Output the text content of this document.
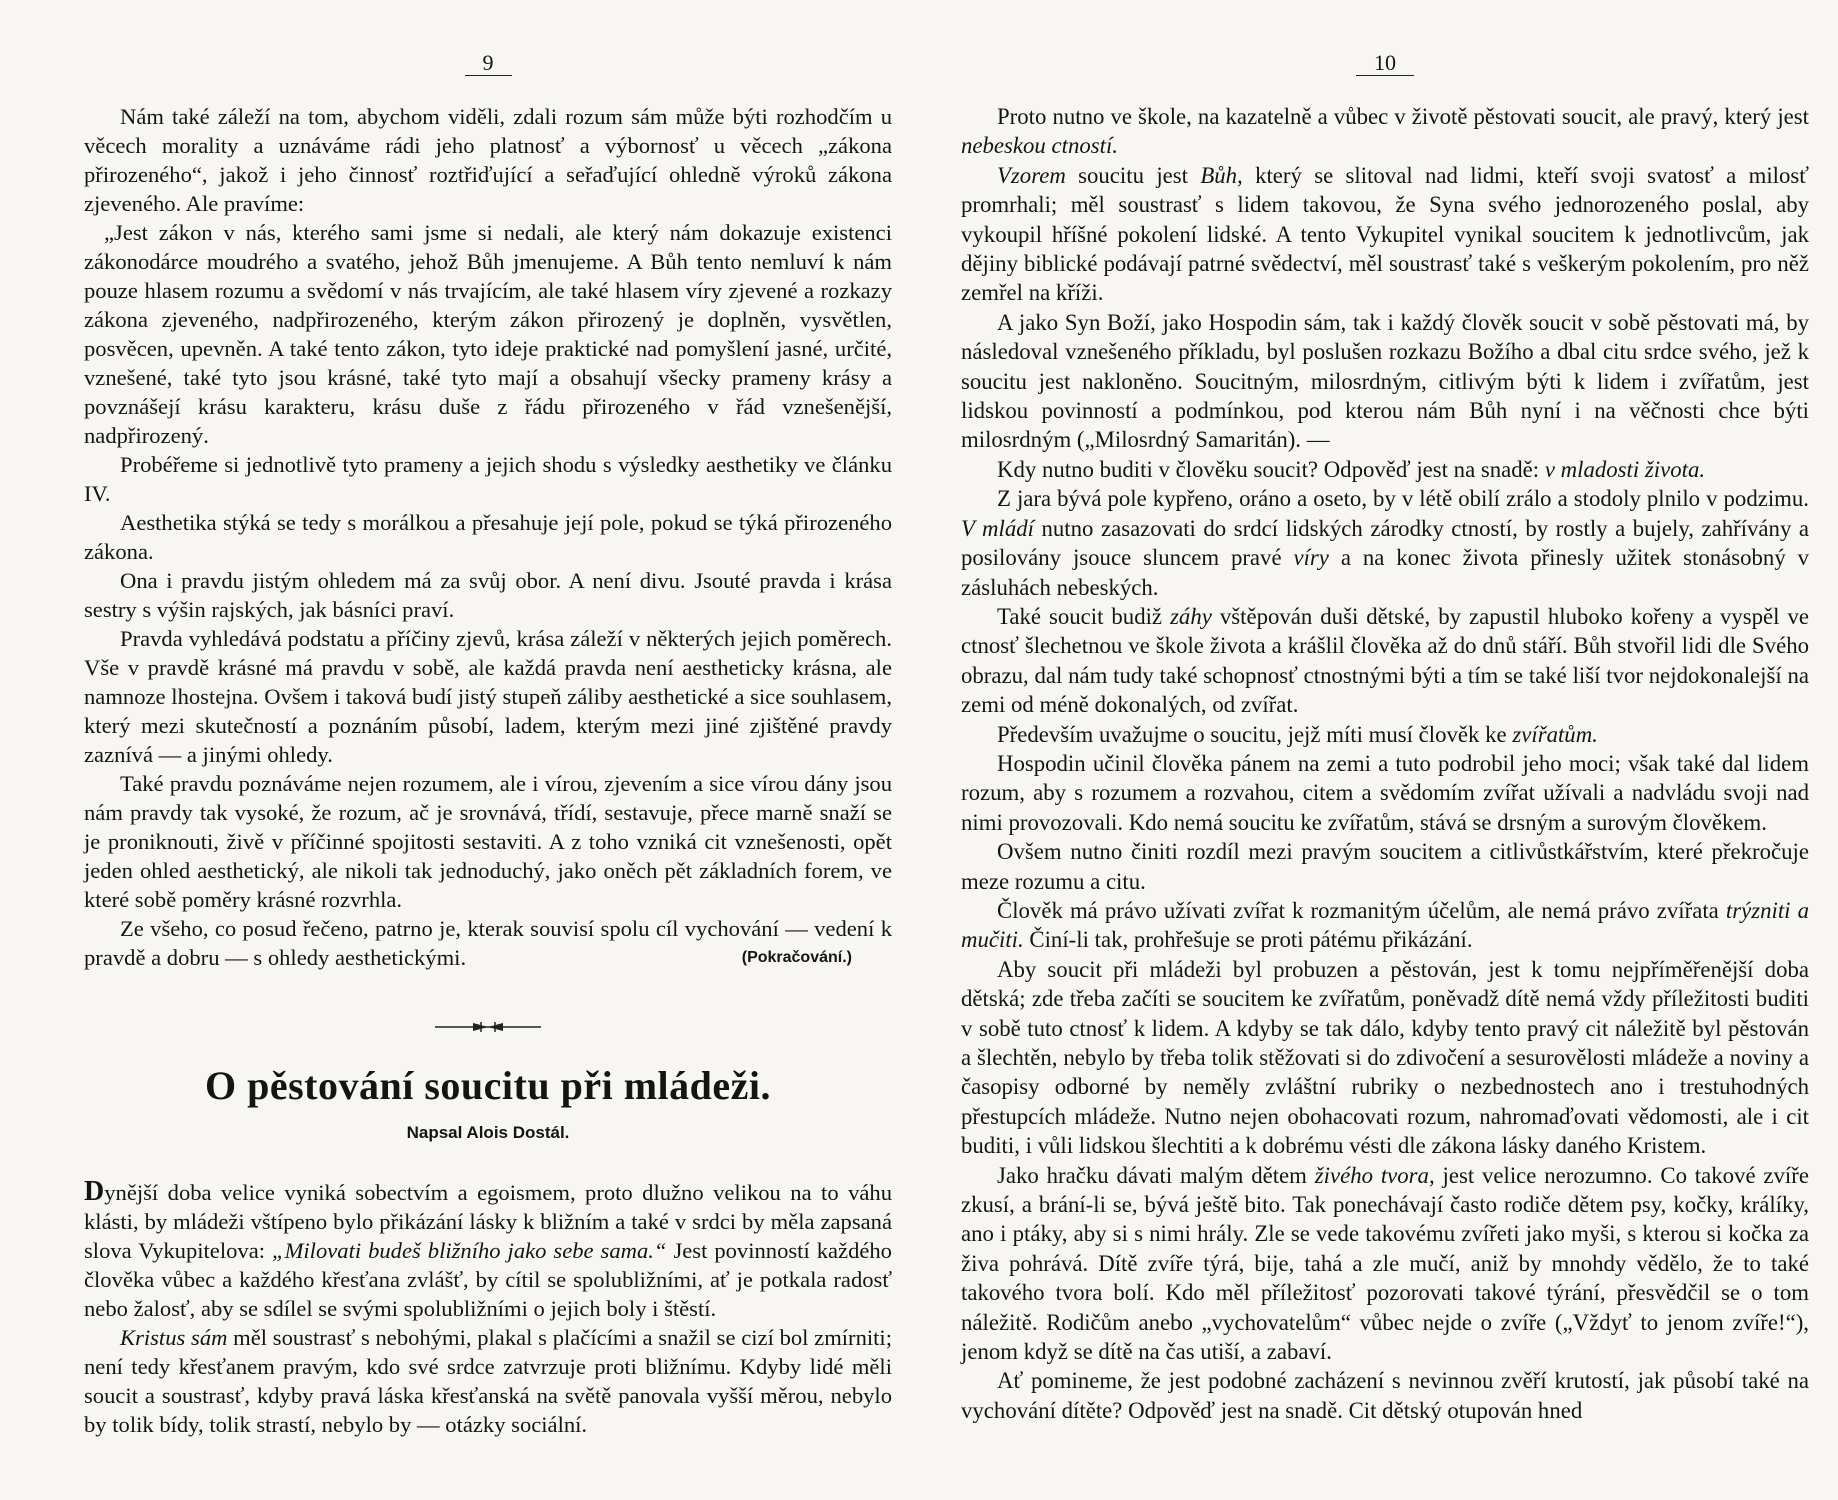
9

Nám také záleží na tom, abychom viděli, zdali rozum sám může býti rozhodčím u věcech morality a uznáváme rádi jeho platnosť a výbornosť u věcech „zákona přirozeného“, jakož i jeho činnosť roztřiďující a seřaďující ohledně výroků zákona zjeveného. Ale pravíme:

„Jest zákon v nás, kterého sami jsme si nedali, ale který nám dokazuje existenci zákonodárce moudrého a svatého, jehož Bůh jmenujeme. A Bůh tento nemluví k nám pouze hlasem rozumu a svědomí v nás trvajícím, ale také hlasem víry zjevené a rozkazy zákona zjeveného, nadpřirozeného, kterým zákon přirozený je doplněn, vysvětlen, posvěcen, upevněn. A také tento zákon, tyto ideje praktické nad pomyšlení jasné, určité, vznešené, také tyto jsou krásné, také tyto mají a obsahují všecky prameny krásy a povznášejí krásu karakteru, krásu duše z řádu přirozeného v řád vznešenější, nadpřirozený.

Probéřeme si jednotlivě tyto prameny a jejich shodu s výsledky aesthetiky ve článku IV.

Aesthetika stýká se tedy s morálkou a přesahuje její pole, pokud se týká přirozeného zákona.

Ona i pravdu jistým ohledem má za svůj obor. A není divu. Jsouté pravda i krása sestry s výšin rajských, jak básníci praví.

Pravda vyhledává podstatu a příčiny zjevů, krása záleží v některých jejich poměrech. Vše v pravdě krásné má pravdu v sobě, ale každá pravda není aestheticky krásna, ale namnoze lhostejna. Ovšem i taková budí jistý stupeň záliby aesthetické a sice souhlasem, který mezi skutečností a poznáním působí, ladem, kterým mezi jiné zjištěné pravdy zaznívá — a jinými ohledy.

Také pravdu poznáváme nejen rozumem, ale i vírou, zjevením a sice vírou dány jsou nám pravdy tak vysoké, že rozum, ač je srovnává, třídí, sestavuje, přece marně snaží se je proniknouti, živě v příčinné spojitosti sestaviti. A z toho vzniká cit vznešenosti, opět jeden ohled aesthetický, ale nikoli tak jednoduchý, jako oněch pět základních forem, ve které sobě poměry krásné rozvrhla.

Ze všeho, co posud řečeno, patrno je, kterak souvisí spolu cíl vychování — vedení k pravdě a dobru — s ohledy aesthetickými.	(Pokračování.)

O pěstování soucitu při mládeži.
Napsal Alois Dostál.

Dynější doba velice vyniká sobectvím a egoismem, proto dlužno velikou na to váhu klásti, by mládeži vštípeno bylo přikázání lásky k bližním a také v srdci by měla zapsaná slova Vykupitelova: „Milovati budeš bližního jako sebe sama.“ Jest povinností každého člověka vůbec a každého křesťana zvlášť, by cítil se spolubližními, ať je potkala radosť nebo žalosť, aby se sdílel se svými spolubližními o jejich boly i štěstí.

Kristus sám měl soustrasť s nebohými, plakal s plačícími a snažil se cizí bol zmírniti; není tedy křesťanem pravým, kdo své srdce zatvrzuje proti bližnímu. Kdyby lidé měli soucit a soustrasť, kdyby pravá láska křesťanská na světě panovala vyšší měrou, nebylo by tolik bídy, tolik strastí, nebylo by — otázky sociální.

10

Proto nutno ve škole, na kazatelně a vůbec v životě pěstovati soucit, ale pravý, který jest nebeskou ctností.

Vzorem soucitu jest Bůh, který se slitoval nad lidmi, kteří svoji svatosť a milosť promrhali; měl soustrasť s lidem takovou, že Syna svého jednorozeného poslal, aby vykoupil hříšné pokolení lidské. A tento Vykupitel vynikal soucitem k jednotlivcům, jak dějiny biblické podávají patrné svědectví, měl soustrasť také s veškerým pokolením, pro něž zemřel na kříži.

A jako Syn Boží, jako Hospodin sám, tak i každý člověk soucit v sobě pěstovati má, by následoval vznešeného příkladu, byl poslušen rozkazu Božího a dbal citu srdce svého, jež k soucitu jest nakloněno. Soucitným, milosrdným, citlivým býti k lidem i zvířatům, jest lidskou povinností a podmínkou, pod kterou nám Bůh nyní i na věčnosti chce býti milosrdným („Milosrdný Samaritán). —

Kdy nutno buditi v člověku soucit? Odpověď jest na snadě: v mladosti života.

Z jara bývá pole kypřeno, oráno a oseto, by v létě obilí zrálo a stodoly plnilo v podzimu. V mládí nutno zasazovati do srdcí lidských zárodky ctností, by rostly a bujely, zahřívány a posilovány jsouce sluncem pravé víry a na konec života přinesly užitek stonásobný v zásluhách nebeských.

Také soucit budiž záhy vštěpován duši dětské, by zapustil hluboko kořeny a vyspěl ve ctnosť šlechetnou ve škole života a krášlil člověka až do dnů stáří. Bůh stvořil lidi dle Svého obrazu, dal nám tudy také schopnosť ctnostnými býti a tím se také liší tvor nejdokonalejší na zemi od méně dokonalých, od zvířat.

Především uvažujme o soucitu, jejž míti musí člověk ke zvířatům.

Hospodin učinil člověka pánem na zemi a tuto podrobil jeho moci; však také dal lidem rozum, aby s rozumem a rozvahou, citem a svědomím zvířat užívali a nadvládu svoji nad nimi provozovali. Kdo nemá soucitu ke zvířatům, stává se drsným a surovým člověkem.

Ovšem nutno činiti rozdíl mezi pravým soucitem a citlivůstkářstvím, které překročuje meze rozumu a citu.

Člověk má právo užívati zvířat k rozmanitým účelům, ale nemá právo zvířata trýzniti a mučiti. Činí-li tak, prohřešuje se proti pátému přikázání.

Aby soucit při mládeži byl probuzen a pěstován, jest k tomu nejpříměřenější doba dětská; zde třeba začíti se soucitem ke zvířatům, poněvadž dítě nemá vždy příležitosti buditi v sobě tuto ctnosť k lidem. A kdyby se tak dálo, kdyby tento pravý cit náležitě byl pěstován a šlechtěn, nebylo by třeba tolik stěžovati si do zdivočení a sesurovělosti mládeže a noviny a časopisy odborné by neměly zvláštní rubriky o nezbednostech ano i trestuhodných přestupcích mládeže. Nutno nejen obohacovati rozum, nahromaďovati vědomosti, ale i cit buditi, i vůli lidskou šlechtiti a k dobrému vésti dle zákona lásky daného Kristem.

Jako hračku dávati malým dětem živého tvora, jest velice nerozumno. Co takové zvíře zkusí, a brání-li se, bývá ještě bito. Tak ponechávají často rodiče dětem psy, kočky, králíky, ano i ptáky, aby si s nimi hrály. Zle se vede takovému zvířeti jako myši, s kterou si kočka za živa pohrává. Dítě zvíře týrá, bije, tahá a zle mučí, aniž by mnohdy vědělo, že to také takového tvora bolí. Kdo měl příležitosť pozorovati takové týrání, přesvědčil se o tom náležitě. Rodičům anebo „vychovatelům“ vůbec nejde o zvíře („Vždyť to jenom zvíře!“), jenom když se dítě na čas utiší, a zabaví.

Ať pomineme, že jest podobné zacházení s nevinnou zvěří krutostí, jak působí také na vychování dítěte? Odpověď jest na snadě. Cit dětský otupován hned
